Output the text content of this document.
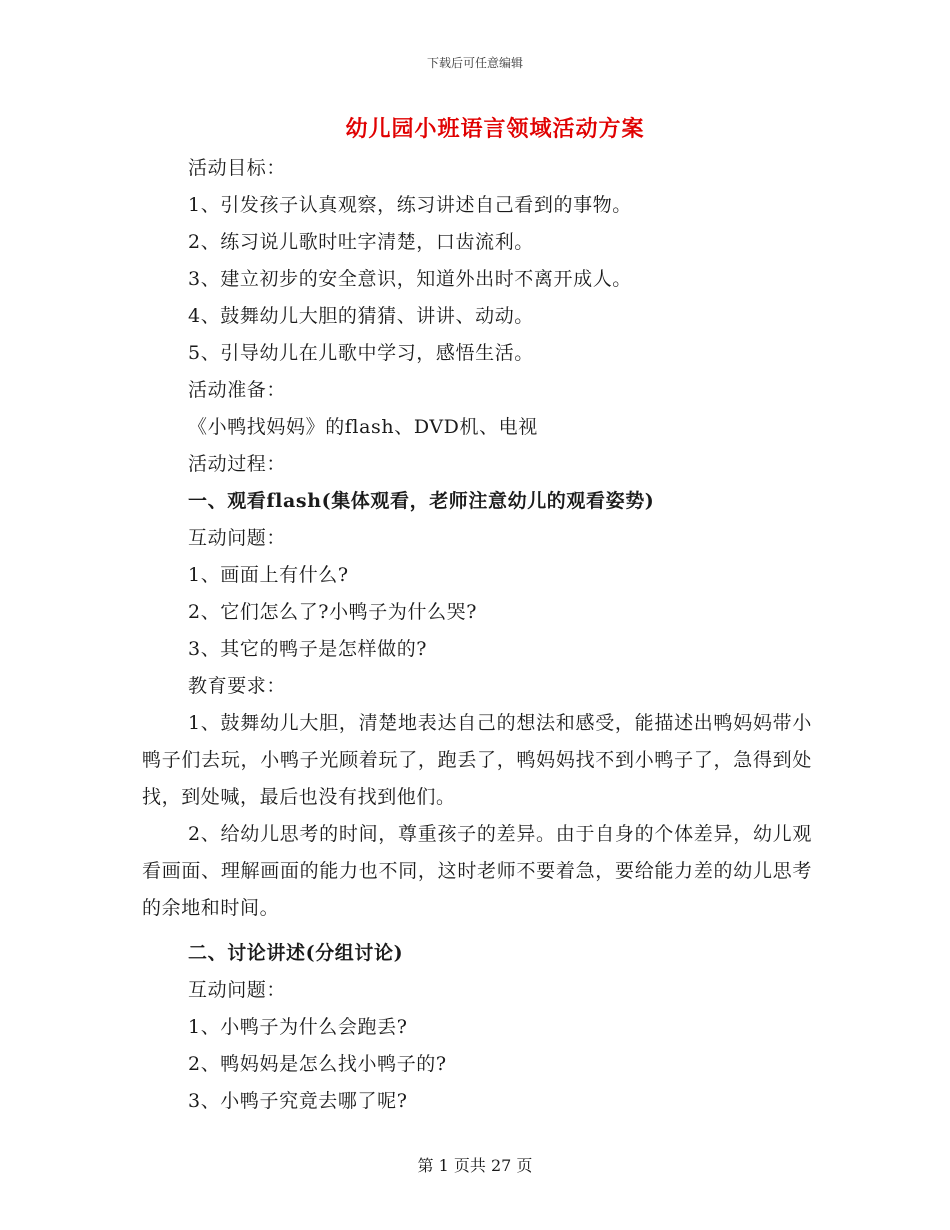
下载后可任意编辑
幼儿园小班语言领域活动方案
活动目标：
1、引发孩子认真观察，练习讲述自己看到的事物。
2、练习说儿歌时吐字清楚，口齿流利。
3、建立初步的安全意识，知道外出时不离开成人。
4、鼓舞幼儿大胆的猜猜、讲讲、动动。
5、引导幼儿在儿歌中学习，感悟生活。
活动准备：
《小鸭找妈妈》的flash、DVD机、电视
活动过程：
一、观看flash(集体观看，老师注意幼儿的观看姿势)
互动问题：
1、画面上有什么?
2、它们怎么了?小鸭子为什么哭?
3、其它的鸭子是怎样做的?
教育要求：
1、鼓舞幼儿大胆，清楚地表达自己的想法和感受，能描述出鸭妈妈带小鸭子们去玩，小鸭子光顾着玩了，跑丢了，鸭妈妈找不到小鸭子了，急得到处找，到处喊，最后也没有找到他们。
2、给幼儿思考的时间，尊重孩子的差异。由于自身的个体差异，幼儿观看画面、理解画面的能力也不同，这时老师不要着急，要给能力差的幼儿思考的余地和时间。
二、讨论讲述(分组讨论)
互动问题：
1、小鸭子为什么会跑丢?
2、鸭妈妈是怎么找小鸭子的?
3、小鸭子究竟去哪了呢?
第 1 页共 27 页
